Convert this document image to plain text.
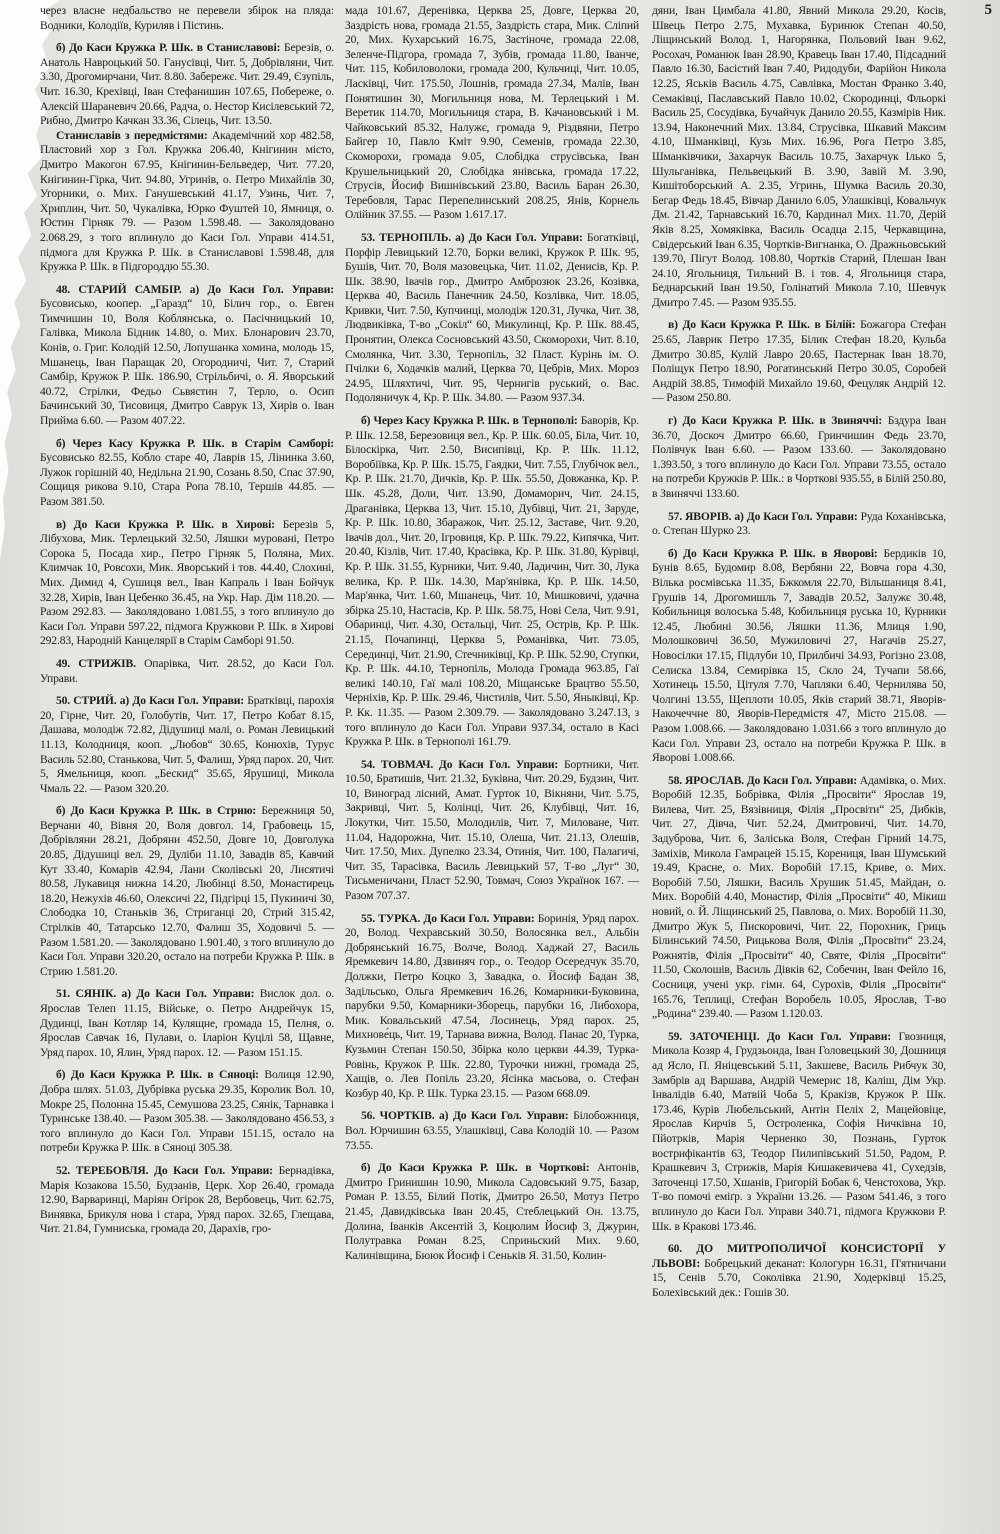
5

через власне недбальство не перевели збірок на пляда: Водники, Колодіїв, Куриляв і Пістинь.

б) До Каси Кружка Р. Шк. в Станиславові: Березів, о. Анатоль Навроцький 50. Ганусівці, Чит. 5, Добрівляни, Чит. 3.30, Дрогомирчани, Чит. 8.80. Забережє. Чит. 29.49, Єзупіль, Чит. 16.30, Крехівці, Іван Стефанишин 107.65, Побереже, о. Алексій Шараневич 20.66, Радча, о. Нестор Кисілевський 72, Рибно, Дмитро Качкан 33.36, Сілець, Чит. 13.50.

Станиславів з передмістями: Академічний хор 482.58, Пластовий хор з Гол. Кружка 206.40, Кнігинин місто, Дмитро Макогон 67.95, Кнігинин-Бельведер, Чит. 77.20, Кнігинин-Гірка, Чит. 94.80, Угринів, о. Петро Михайлів 30, Угорники, о. Мих. Ганушевський 41.17, Узинь, Чит. 7, Хриплин, Чит. 50, Чукалівка, Юрко Фуштей 10, Ямниця, о. Юстин Гірняк 79. — Разом 1.598.48. — Заколядовано 2.068.29, з того вплинуло до Каси Гол. Управи 414.51, підмога для Кружка Р. Шк. в Станиславові 1.598.48, для Кружка Р. Шк. в Підгороддю 55.30.

48. СТАРИЙ САМБІР. а) До Каси Гол. Управи: Бусовисько, коопер. „Гаразд“ 10, Білич гор., о. Евген Тимчишин 10, Воля Коблянська, о. Пасічницький 10, Галівка, Микола Бідник 14.80, о. Мих. Блонарович 23.70, Конів, о. Григ. Колодій 12.50, Лопушанка хомина, молодь 15, Мшанець, Іван Паращак 20, Огородничі, Чит. 7, Старий Самбір, Кружок Р. Шк. 186.90, Стрільбичі, о. Я. Яворський 40.72, Стрілки, Федьо Сьвястин 7, Терло, о. Осип Бачинський 30, Тисовиця, Дмитро Саврук 13, Хирів о. Іван Прийма 6.60. — Разом 407.22.

б) Через Касу Кружка Р. Шк. в Старім Самборі: Бусовисько 82.55, Кобло старе 40, Лаврів 15, Лінинка 3.60, Лужок горішній 40, Недільна 21.90, Созань 8.50, Спас 37.90, Сощиця рикова 9.10, Стара Ропа 78.10, Тершів 44.85. — Разом 381.50.

в) До Каси Кружка Р. Шк. в Хирові: Березів 5, Лібухова, Мик. Терлецький 32.50, Ляшки муровані, Петро Сорока 5, Посада хир., Петро Гірняк 5, Поляна, Мих. Климчак 10, Ровсохи, Мик. Яворський і тов. 44.40, Слохині, Мих. Димид 4, Сушиця вел., Іван Капраль і Іван Бойчук 32.28, Хирів, Іван Цебенко 36.45, на Укр. Нар. Дім 118.20. — Разом 292.83. — Заколядовано 1.081.55, з того вплинуло до Каси Гол. Управи 597.22, підмога Кружкови Р. Шк. в Хирові 292.83, Народній Канцелярії в Старім Самборі 91.50.

49. СТРИЖІВ. Опарівка, Чит. 28.52, до Каси Гол. Управи.

50. СТРИЙ. а) До Каси Гол. Управи: Братківці, парохія 20, Гірне, Чит. 20, Голобутів, Чит. 17, Петро Кобат 8.15, Дашава, молодіж 72.82, Дідушиці малі, о. Роман Левицький 11.13, Колодниця, кооп. „Любов“ 30.65, Конюхів, Турус Василь 52.80, Станькова, Чит. 5, Фалиш, Уряд парох. 20, Чит. 5, Ямельниця, кооп. „Бескид“ 35.65, Ярушиці, Микола Чмаль 22. — Разом 320.20.

б) До Каси Кружка Р. Шк. в Стрию: Бережниця 50, Верчани 40, Вівня 20, Воля довгол. 14, Грабовець 15, Добрівляни 28.21, Добряни 452.50, Довге 10, Довголука 20.85, Дідушиці вел. 29, Дуліби 11.10, Завадів 85, Кавчий Кут 33.40, Комарів 42.94, Лани Сколівські 20, Лисятичі 80.58, Лукавиця нижна 14.20, Любінці 8.50, Монастирець 18.20, Нежухів 46.60, Олексичі 22, Підгірці 15, Пукиничі 30, Слободка 10, Станьків 36, Стриганці 20, Стрий 315.42, Стрілків 40, Татарсько 12.70, Фалиш 35, Ходовичі 5. — Разом 1.581.20. — Заколядовано 1.901.40, з того вплинуло до Каси Гол. Управи 320.20, остало на потреби Кружка Р. Шк. в Стрию 1.581.20.

51. СЯНІК. а) До Каси Гол. Управи: Вислок дол. о. Ярослав Телеп 11.15, Війське, о. Петро Андрейчук 15, Дудинці, Іван Котляр 14, Кулящне, громада 15, Пелня, о. Ярослав Савчак 16, Пулави, о. Іларіон Куцілі 58, Щавне, Уряд парох. 10, Ялин, Уряд парох. 12. — Разом 151.15.

б) До Каси Кружка Р. Шк. в Сяноці: Волиця 12.90, Добра шлях. 51.03, Дубрівка руська 29.35, Королик Вол. 10, Мокре 25, Полонна 15.45, Семушова 23.25, Сянік, Тарнавка і Туринське 138.40. — Разом 305.38. — Заколядовано 456.53, з того вплинуло до Каси Гол. Управи 151.15, остало на потреби Кружка Р. Шк. в Сяноці 305.38.

52. ТЕРЕБОВЛЯ. До Каси Гол. Управи: Бернадівка, Марія Козакова 15.50, Будзанів, Церк. Хор 26.40, громада 12.90, Варваринці, Маріян Огірок 28, Вербовець, Чит. 62.75, Винявка, Брикуля нова і стара, Уряд парох. 32.65, Глещава, Чит. 21.84, Гумниська, громада 20, Дарахів, гро-

мада 101.67, Деренівка, Церква 25, Довге, Церква 20, Заздрість нова, громада 21.55, Заздрість стара, Мик. Сліпий 20, Мих. Кухарський 16.75, Застіноче, громада 22.08, Зеленче-Підгора, громада 7, Зубів, громада 11.80, Іванче, Чит. 115, Кобиловолоки, громада 200, Кульчиці, Чит. 10.05, Ласківці, Чит. 175.50, Лошнів, громада 27.34, Малів, Іван Понятишин 30, Могильниця нова, М. Терлецький і М. Веретик 114.70, Могильниця стара, В. Качановський і М. Чайковський 85.32, Налужє, громада 9, Різдвяни, Петро Байгер 10, Павло Кміт 9.90, Семенів, громада 22.30, Скоморохи, громада 9.05, Слобідка струсівська, Іван Крушельницький 20, Слобідка янівська, громада 17.22, Струсів, Йосиф Вишнівський 23.80, Василь Баран 26.30, Теребовля, Тарас Перепелинський 208.25, Янів, Корнель Олійник 37.55. — Разом 1.617.17.

53. ТЕРНОПІЛЬ. а) До Каси Гол. Управи: Богатківці, Порфір Левицький 12.70, Борки великі, Кружок Р. Шк. 95, Бушів, Чит. 70, Воля мазовецька, Чит. 11.02, Денисів, Кр. Р. Шк. 38.90, Івачів гор., Дмитро Амброзюк 23.26, Козівка, Церква 40, Василь Панечник 24.50, Козлівка, Чит. 18.05, Кривки, Чит. 7.50, Купчинці, молодіж 120.31, Лучка, Чит. 38, Людвиківка, Т-во „Сокіл“ 60, Микулинці, Кр. Р. Шк. 88.45, Пронятин, Олекса Сосновський 43.50, Скоморохи, Чит. 8.10, Смолянка, Чит. 3.30, Тернопіль, 32 Пласт. Курінь ім. О. Пчілки 6, Ходачків малий, Церква 70, Цебрів, Мих. Мороз 24.95, Шляхтичі, Чит. 95, Чернигів руський, о. Вас. Подоляничук 4, Кр. Р. Шк. 34.80. — Разом 937.34.

б) Через Касу Кружка Р. Шк. в Тернополі: Баворів, Кр. Р. Шк. 12.58, Березовиця вел., Кр. Р. Шк. 60.05, Біла, Чит. 10, Білоскірка, Чит. 2.50, Висипівці, Кр. Р. Шк. 11.12, Воробіївка, Кр. Р. Шк. 15.75, Гаядки, Чит. 7.55, Глубічок вел., Кр. Р. Шк. 21.70, Дичків, Кр. Р. Шк. 55.50, Довжанка, Кр. Р. Шк. 45.28, Доли, Чит. 13.90, Домаморич, Чит. 24.15, Драганівка, Церква 13, Чит. 15.10, Дубівці, Чит. 21, Заруде, Кр. Р. Шк. 10.80, Збаражок, Чит. 25.12, Заставе, Чит. 9.20, Івачів дол., Чит. 20, Ігровиця, Кр. Р. Шк. 79.22, Кипячка, Чит. 20.40, Кізлів, Чит. 17.40, Красівка, Кр. Р. Шк. 31.80, Курівці, Кр. Р. Шк. 31.55, Курники, Чит. 9.40, Ладичин, Чит. 30, Лука велика, Кр. Р. Шк. 14.30, Мар'янівка, Кр. Р. Шк. 14.50, Мар'янка, Чит. 1.60, Мшанець, Чит. 10, Мишковичі, удачна збірка 25.10, Настасів, Кр. Р. Шк. 58.75, Нові Села, Чит. 9.91, Обаринці, Чит. 4.30, Остальці, Чит. 25, Острів, Кр. Р. Шк. 21.15, Почапинці, Церква 5, Романівка, Чит. 73.05, Серединці, Чит. 21.90, Стечниківці, Кр. Р. Шк. 52.90, Ступки, Кр. Р. Шк. 44.10, Тернопіль, Молода Громада 963.85, Гаї великі 140.10, Гаї малі 108.20, Міщанське Брацтво 55.50, Черніхів, Кр. Р. Шк. 29.46, Чистилів, Чит. 5.50, Яныківці, Кр. Р. Кк. 11.35. — Разом 2.309.79. — Заколядовано 3.247.13, з того вплинуло до Каси Гол. Управи 937.34, остало в Касі Кружка Р. Шк. в Тернополі 161.79.

54. ТОВМАЧ. До Каси Гол. Управи: Бортники, Чит. 10.50, Братишів, Чит. 21.32, Буківна, Чит. 20.29, Будзин, Чит. 10, Виноград лісний, Амат. Гурток 10, Вікняни, Чит. 5.75, Закривці, Чит. 5, Колінці, Чит. 26, Клубівці, Чит. 16, Локутки, Чит. 15.50, Молодилів, Чит. 7, Миловане, Чит. 11.04, Надорожна, Чит. 15.10, Олеша, Чит. 21.13, Олешів, Чит. 17.50, Мих. Дупелко 23.34, Отинія, Чит. 100, Палагичі, Чит. 35, Тарасівка, Василь Левицький 57, Т-во „Луг“ 30, Тисьменичани, Пласт 52.90, Товмач, Союз Українок 167. — Разом 707.37.

55. ТУРКА. До Каси Гол. Управи: Боринія, Уряд парох. 20, Волод. Чехравський 30.50, Волосянка вел., Альбін Добрянський 16.75, Волче, Волод. Хаджай 27, Василь Яремкевич 14.80, Дзвиняч гор., о. Теодор Осередчук 35.70, Должки, Петро Коцко 3, Завадка, о. Йосиф Бадан 38, Задільсько, Ольга Яремкевич 16.26, Комарники-Буковина, парубки 9.50, Комарники-Зборець, парубки 16, Либохора, Мик. Ковальський 47.54, Лосинець, Уряд парох. 25, Михнове́ць, Чит. 19, Тарнава вижна, Волод. Панас 20, Турка, Кузьмин Степан 150.50, Збірка коло церкви 44.39, Турка-Ровінь, Кружок Р. Шк. 22.80, Турочки нижні, громада 25, Хащів, о. Лев Попіль 23.20, Ясінка масьова, о. Стефан Козбур 40, Кр. Р. Шк. Турка 23.15. — Разом 668.09.

56. ЧОРТКІВ. а) До Каси Гол. Управи: Білобожниця, Вол. Юрчишин 63.55, Улашківці, Сава Колодій 10. — Разом 73.55.

б) До Каси Кружка Р. Шк. в Чорткові: Антонів, Дмитро Гринишин 10.90, Микола Садовський 9.75, Базар, Роман Р. 13.55, Білий Потік, Дмитро 26.50, Мотуз Петро 21.45, Давидківська Іван 20.45, Стеблецький Он. 13.75, Долина, Іванків Аксентій 3, Коцюлим Йосиф 3, Джурин, Полутравка Роман 8.25, Сприньский Мих. 9.60, Калинівщина, Бююк Йосиф і Сеньків Я. 31.50, Колин-

дяни, Іван Цимбала 41.80, Явний Микола 29.20, Косів, Швець Петро 2.75, Мухавка, Буринюк Степан 40.50, Ліщинський Волод. 1, Нагорянка, Польовий Іван 9.62, Росохач, Романюк Іван 28.90, Кравець Іван 17.40, Підсадний Павло 16.30, Басістий Іван 7.40, Ридодуби, Фарійон Никола 12.25, Яськів Василь 4.75, Савлівка, Мостан Франко 3.40, Семаківці, Паславський Павло 10.02, Скородинці, Фльоркі Василь 25, Сосудівка, Бучайчук Данило 20.55, Казмірів Ник. 13.94, Наконечний Мих. 13.84, Струсівка, Шкавий Максим 4.10, Шманківці, Кузь Мих. 16.96, Рога Петро 3.85, Шманківчики, Захарчук Василь 10.75, Захарчук Ілько 5, Шульганівка, Пельвецький В. 3.90, Завій М. 3.90, Кишітоборський А. 2.35, Угринь, Шумка Василь 20.30, Бегар Федь 18.45, Вівчар Данило 6.05, Улашківці, Ковальчук Дм. 21.42, Тарнавський 16.70, Кардинал Мих. 11.70, Дерій Яків 8.25, Хомяківка, Василь Осадца 2.15, Черкавщина, Свідерський Іван 6.35, Чортків-Вигнанка, О. Дражньовський 139.70, Пігут Волод. 108.80, Чортків Старий, Плешан Іван 24.10, Ягольниця, Тильний В. і тов. 4, Ягольниця стара, Беднарський Іван 19.50, Голінатий Микола 7.10, Шевчук Дмитро 7.45. — Разом 935.55.

в) До Каси Кружка Р. Шк. в Білій: Божагора Стефан 25.65, Лаврик Петро 17.35, Білик Стефан 18.20, Кульба Дмитро 30.85, Кулій Лавро 20.65, Пастернак Іван 18.70, Поліщук Петро 18.90, Рогатинський Петро 30.05, Соробей Андрій 38.85, Тимофій Михайло 19.60, Фецуляк Андрій 12. — Разом 250.80.

г) До Каси Кружка Р. Шк. в Звиняччі: Бздура Іван 36.70, Доскоч Дмитро 66.60, Гринчишин Федь 23.70, Полівчук Іван 6.60. — Разом 133.60. — Заколядовано 1.393.50, з того вплинуло до Каси Гол. Управи 73.55, остало на потреби Кружків Р. Шк.: в Чорткові 935.55, в Білій 250.80, в Звиняччі 133.60.

57. ЯВОРІВ. а) До Каси Гол. Управи: Руда Коханівська, о. Степан Шурко 23.

б) До Каси Кружка Р. Шк. в Яворові: Бердиків 10, Бунів 8.65, Будомир 8.08, Вербяни 22, Вовча гора 4.30, Вілька росмівська 11.35, Бжкомля 22.70, Вільшаниця 8.41, Грушів 14, Дрогомишль 7, Завадів 20.52, Залужє 30.48, Кобильниця волоська 5.48, Кобильниця руська 10, Курники 12.45, Любині 30.56, Ляшки 11.36, Млиця 1.90, Молошковичі 36.50, Мужиловичі 27, Нагачів 25.27, Новосілки 17.15, Підлуби 10, Прилбичі 34.93, Рогізно 23.08, Селиска 13.84, Семирівка 15, Скло 24, Тучапи 58.66, Хотинець 15.50, Цітуля 7.70, Чапляки 6.40, Чернилява 50, Чолгині 13.55, Щеплоти 10.05, Яків старий 38.71, Яворів-Накочеччне 80, Яворів-Передмістя 47, Місто 215.08. — Разом 1.008.66. — Заколядовано 1.031.66 з того вплинуло до Каси Гол. Управи 23, остало на потреби Кружка Р. Шк. в Яворові 1.008.66.

58. ЯРОСЛАВ. До Каси Гол. Управи: Адамівка, о. Мих. Воробій 12.35, Бобрівка, Філія „Просвіти“ Ярослав 19, Вилева, Чит. 25, Вязівниця, Філія „Просвіти“ 25, Дибків, Чит. 27, Дівча, Чит. 52.24, Дмитровичі, Чит. 14.70, Задуброва, Чит. 6, Заліська Воля, Стефан Гірний 14.75, Заміхів, Микола Гамрацей 15.15, Корениця, Іван Шумський 19.49, Красне, о. Мих. Воробій 17.15, Криве, о. Мих. Воробій 7.50, Ляшки, Василь Хрушик 51.45, Майдан, о. Мих. Воробій 4.40, Монастир, Філія „Просвіти“ 40, Мікиш новий, о. Й. Ліщинський 25, Павлова, о. Мих. Воробій 11.30, Дмитро Жук 5, Пискоровичі, Чит. 22, Порохник, Гриць Білинський 74.50, Рицькова Воля, Філія „Просвіти“ 23.24, Рожнятів, Філія „Просвіти“ 40, Святе, Філія „Просвіти“ 11.50, Сколошів, Василь Дівків 62, Собечин, Іван Фейло 16, Сосниця, учені укр. гімн. 64, Сурохів, Філія „Просвіти“ 165.76, Теплиці, Стефан Воробель 10.05, Ярослав, Т-во „Родина“ 239.40. — Разом 1.120.03.

59. ЗАТОЧЕНЦІ. До Каси Гол. Управи: Гвозниця, Микола Козяр 4, Грудзьонда, Іван Головецький 30, Дошниця ад Ясло, П. Яніцевський 5.11, Закшеве, Василь Рибчук 30, Замбрів ад Варшава, Андрій Чемерис 18, Каліш, Дім Укр. Інвалідів 6.40, Матвій Чоба 5, Кракізв, Кружок Р. Шк. 173.46, Курів Любельський, Антін Пеліх 2, Мацейовіце, Ярослав Кирчів 5, Остроленка, Софія Ничківна 10, Пйотрків, Марія Черненко 30, Познань, Гурток вострифікантів 63, Теодор Пилипівський 51.50, Радом, Р. Крашкевич 3, Стрижів, Марія Кишакевичева 41, Сухедзів, Заточенці 17.50, Хшанів, Григорій Бобак 6, Ченстохова, Укр. Т-во помочі еміґр. з України 13.26. — Разом 541.46, з того вплинуло до Каси Гол. Управи 340.71, підмога Кружкови Р. Шк. в Кракові 173.46.

60. ДО МИТРОПОЛИЧОЇ КОНСИСТОРІЇ У ЛЬВОВІ: Бобрецький деканат: Кологурн 16.31, П'ятничани 15, Сенів 5.70, Соколівка 21.90, Ходерківці 15.25, Болехівський дек.: Гошів 30.
